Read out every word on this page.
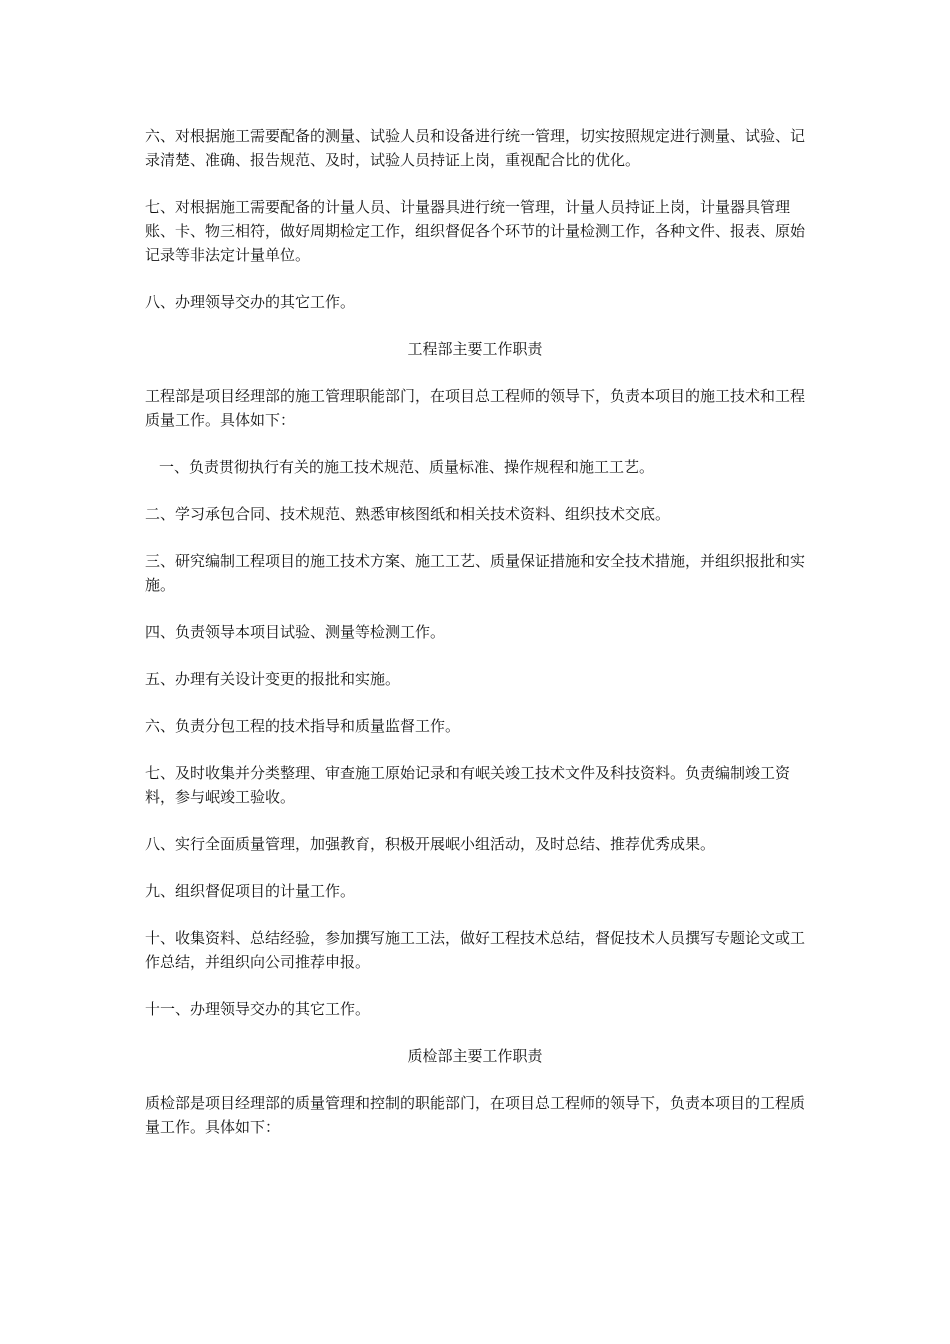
六、对根据施工需要配备的测量、试验人员和设备进行统一管理，切实按照规定进行测量、试验、记录清楚、准确、报告规范、及时，试验人员持证上岗，重视配合比的优化。

七、对根据施工需要配备的计量人员、计量器具进行统一管理，计量人员持证上岗，计量器具管理账、卡、物三相符，做好周期检定工作，组织督促各个环节的计量检测工作，各种文件、报表、原始记录等非法定计量单位。

八、办理领导交办的其它工作。

工程部主要工作职责

工程部是项目经理部的施工管理职能部门，在项目总工程师的领导下，负责本项目的施工技术和工程质量工作。具体如下：

一、负责贯彻执行有关的施工技术规范、质量标准、操作规程和施工工艺。

二、学习承包合同、技术规范、熟悉审核图纸和相关技术资料、组织技术交底。

三、研究编制工程项目的施工技术方案、施工工艺、质量保证措施和安全技术措施，并组织报批和实施。

四、负责领导本项目试验、测量等检测工作。

五、办理有关设计变更的报批和实施。

六、负责分包工程的技术指导和质量监督工作。

七、及时收集并分类整理、审查施工原始记录和有岷关竣工技术文件及科技资料。负责编制竣工资料，参与岷竣工验收。

八、实行全面质量管理，加强教育，积极开展岷小组活动，及时总结、推荐优秀成果。

九、组织督促项目的计量工作。

十、收集资料、总结经验，参加撰写施工工法，做好工程技术总结，督促技术人员撰写专题论文或工作总结，并组织向公司推荐申报。

十一、办理领导交办的其它工作。

质检部主要工作职责

质检部是项目经理部的质量管理和控制的职能部门，在项目总工程师的领导下，负责本项目的工程质量工作。具体如下：
